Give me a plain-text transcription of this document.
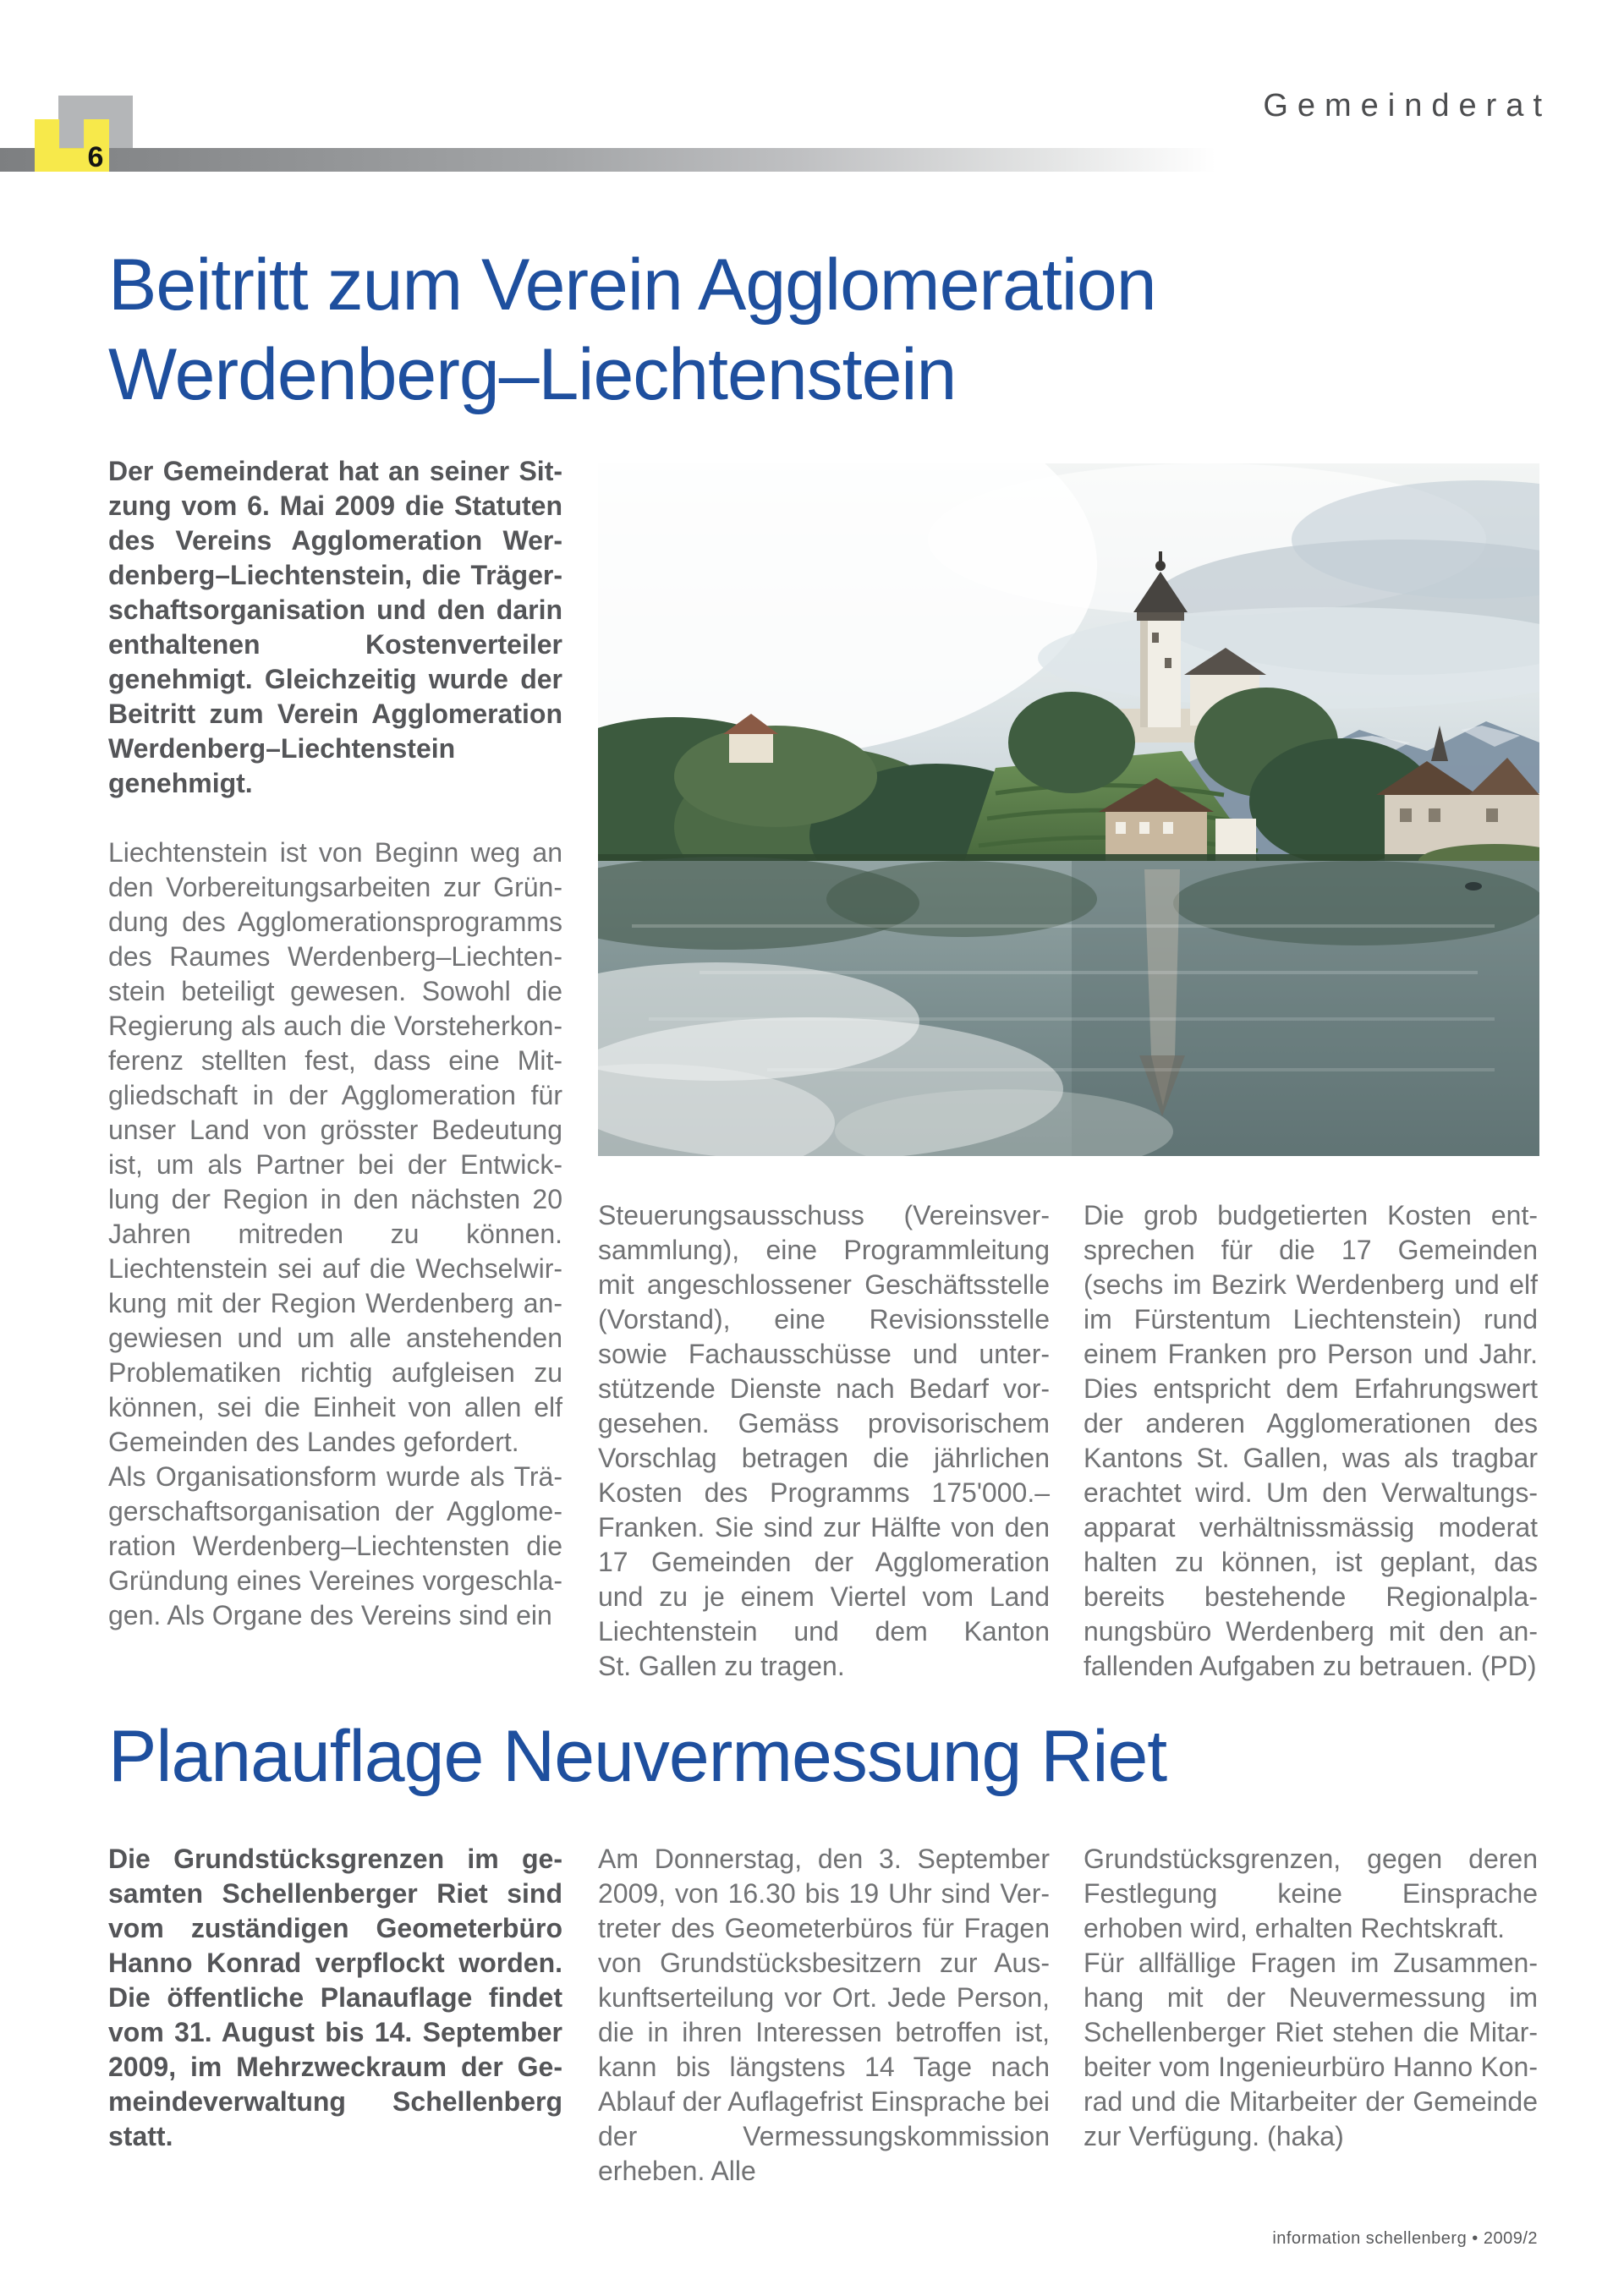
6
Gemeinderat
Beitritt zum Verein Agglomeration
Werdenberg–Liechtenstein

Der Gemeinderat hat an seiner Sitzung vom 6. Mai 2009 die Statuten des Vereins Agglomeration Werdenberg–Liechtenstein, die Trägerschaftsorganisation und den darin enthaltenen Kostenverteiler genehmigt. Gleichzeitig wurde der Beitritt zum Verein Agglomeration Werdenberg–Liechtenstein genehmigt.

Liechtenstein ist von Beginn weg an den Vorbereitungsarbeiten zur Gründung des Agglomerationsprogramms des Raumes Werdenberg–Liechtenstein beteiligt gewesen. Sowohl die Regierung als auch die Vorsteherkonferenz stellten fest, dass eine Mitgliedschaft in der Agglomeration für unser Land von grösster Bedeutung ist, um als Partner bei der Entwicklung der Region in den nächsten 20 Jahren mitreden zu können. Liechtenstein sei auf die Wechselwirkung mit der Region Werdenberg angewiesen und um alle anstehenden Problematiken richtig aufgleisen zu können, sei die Einheit von allen elf Gemeinden des Landes gefordert.

Als Organisationsform wurde als Trägerschaftsorganisation der Agglomeration Werdenberg–Liechtensten die Gründung eines Vereines vorgeschlagen. Als Organe des Vereins sind ein

Steuerungsausschuss (Vereinsversammlung), eine Programmleitung mit angeschlossener Geschäftsstelle (Vorstand), eine Revisionsstelle sowie Fachausschüsse und unterstützende Dienste nach Bedarf vorgesehen. Gemäss provisorischem Vorschlag betragen die jährlichen Kosten des Programms 175'000.– Franken. Sie sind zur Hälfte von den 17 Gemeinden der Agglomeration und zu je einem Viertel vom Land Liechtenstein und dem Kanton St. Gallen zu tragen.

Die grob budgetierten Kosten entsprechen für die 17 Gemeinden (sechs im Bezirk Werdenberg und elf im Fürstentum Liechtenstein) rund einem Franken pro Person und Jahr. Dies entspricht dem Erfahrungswert der anderen Agglomerationen des Kantons St. Gallen, was als tragbar erachtet wird. Um den Verwaltungsapparat verhältnissmässig moderat halten zu können, ist geplant, das bereits bestehende Regionalplanungsbüro Werdenberg mit den anfallenden Aufgaben zu betrauen. (PD)

Planauflage Neuvermessung Riet

Die Grundstücksgrenzen im gesamten Schellenberger Riet sind vom zuständigen Geometerbüro Hanno Konrad verpflockt worden. Die öffentliche Planauflage findet vom 31. August bis 14. September 2009, im Mehrzweckraum der Gemeindeverwaltung Schellenberg statt.

Am Donnerstag, den 3. September 2009, von 16.30 bis 19 Uhr sind Vertreter des Geometerbüros für Fragen von Grundstücksbesitzern zur Auskunftserteilung vor Ort. Jede Person, die in ihren Interessen betroffen ist, kann bis längstens 14 Tage nach Ablauf der Auflagefrist Einsprache bei der Vermessungskommission erheben. Alle

Grundstücksgrenzen, gegen deren Festlegung keine Einsprache erhoben wird, erhalten Rechtskraft.

Für allfällige Fragen im Zusammenhang mit der Neuvermessung im Schellenberger Riet stehen die Mitarbeiter vom Ingenieurbüro Hanno Konrad und die Mitarbeiter der Gemeinde zur Verfügung. (haka)

information schellenberg • 2009/2
